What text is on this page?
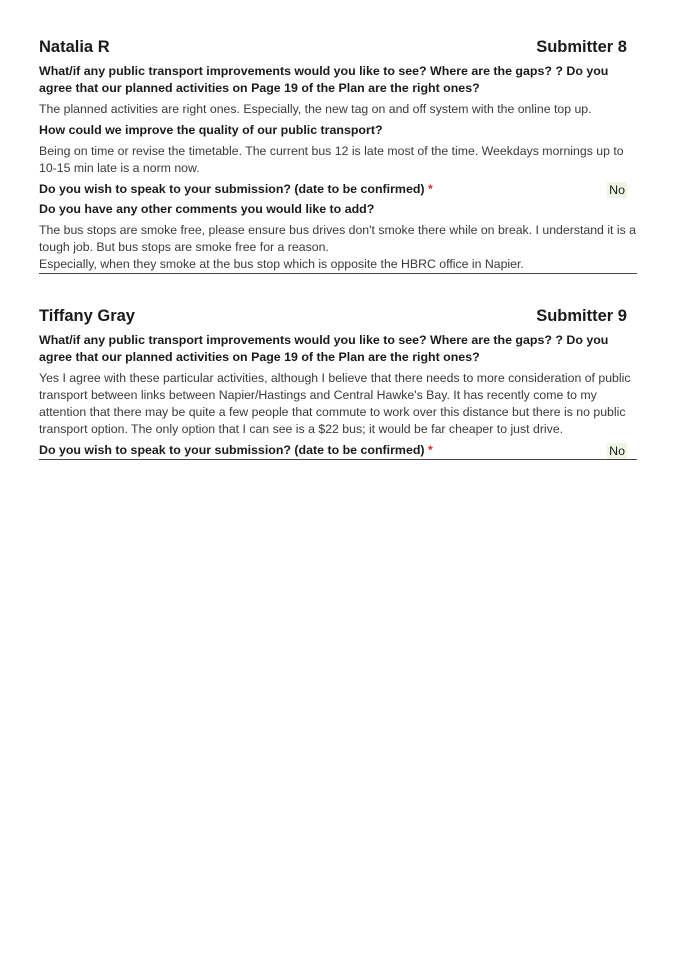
Natalia R	Submitter 8
What/if any public transport improvements would you like to see? Where are the gaps? ? Do you agree that our planned activities on Page 19 of the Plan are the right ones?
The planned activities are right ones. Especially, the new tag on and off system with the online top up.
How could we improve the quality of our public transport?
Being on time or revise the timetable. The current bus 12 is late most of the time. Weekdays mornings up to 10-15 min late is a norm now.
Do you wish to speak to your submission? (date to be confirmed) *	No
Do you have any other comments you would like to add?

The bus stops are smoke free, please ensure bus drives don't smoke there while on break. I understand it is a tough job. But bus stops are smoke free for a reason.

Especially, when they smoke at the bus stop which is opposite the HBRC office in Napier.

Tiffany Gray	Submitter 9
What/if any public transport improvements would you like to see? Where are the gaps? ? Do you agree that our planned activities on Page 19 of the Plan are the right ones?
Yes I agree with these particular activities, although I believe that there needs to more consideration of public transport between links between Napier/Hastings and Central Hawke's Bay. It has recently come to my attention that there may be quite a few people that commute to work over this distance but there is no public transport option. The only option that I can see is a $22 bus; it would be far cheaper to just drive.
Do you wish to speak to your submission? (date to be confirmed) *	No
